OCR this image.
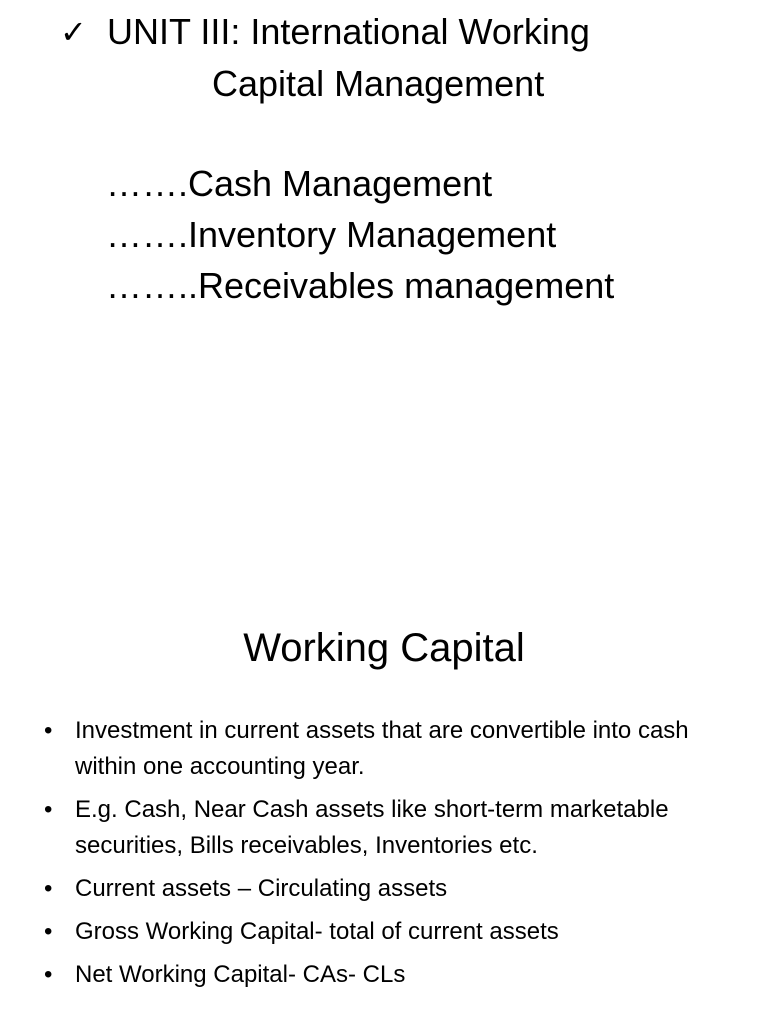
✓ UNIT III: International Working
Capital Management
…….Cash Management
…….Inventory Management
……..Receivables management
Working Capital
• Investment in current assets that are convertible into cash within one accounting year.
• E.g. Cash, Near Cash assets like short-term marketable securities, Bills receivables, Inventories etc.
• Current assets – Circulating assets
• Gross Working Capital- total of current assets
• Net Working Capital- CAs- CLs
